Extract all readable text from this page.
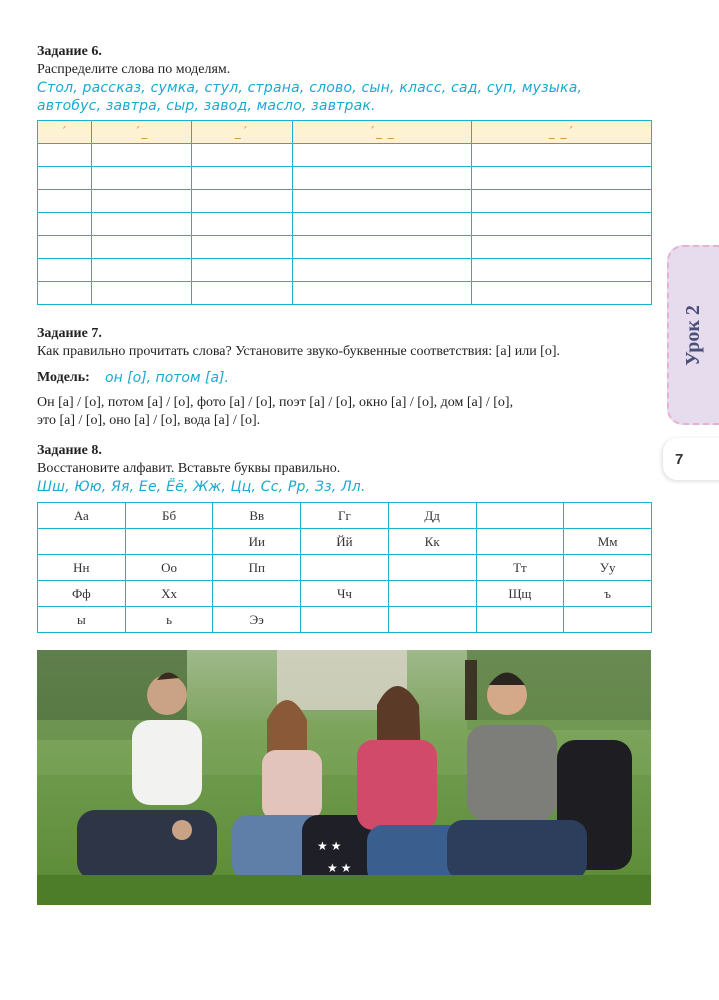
Задание 6.
Распределите слова по моделям.
Стол, рассказ, сумка, стул, страна, слово, сын, класс, сад, суп, музыка,
автобус, завтра, сыр, завод, масло, завтрак.
´	´_	_´	´_ _	_ _´

Задание 7.
Как правильно прочитать слова? Установите звуко-буквенные соответствия: [а] или [о].
Модель: он [о], потом [а].
Он [а] / [о], потом [а] / [о], фото [а] / [о], поэт [а] / [о], окно [а] / [о], дом [а] / [о],
это [а] / [о], оно [а] / [о], вода [а] / [о].
Задание 8.
Восстановите алфавит. Вставьте буквы правильно.
Шш, Юю, Яя, Ее, Ёё, Жж, Цц, Сс, Рр, Зз, Лл.
Аа	Бб	Вв	Гг	Дд		
		Ии	Йй	Кк		Мм
Нн	Оо	Пп			Тт	Уу
Фф	Хх		Чч		Щщ	ъ
ы	ь	Ээ				
Урок 2
7
★ ★
★ ★
